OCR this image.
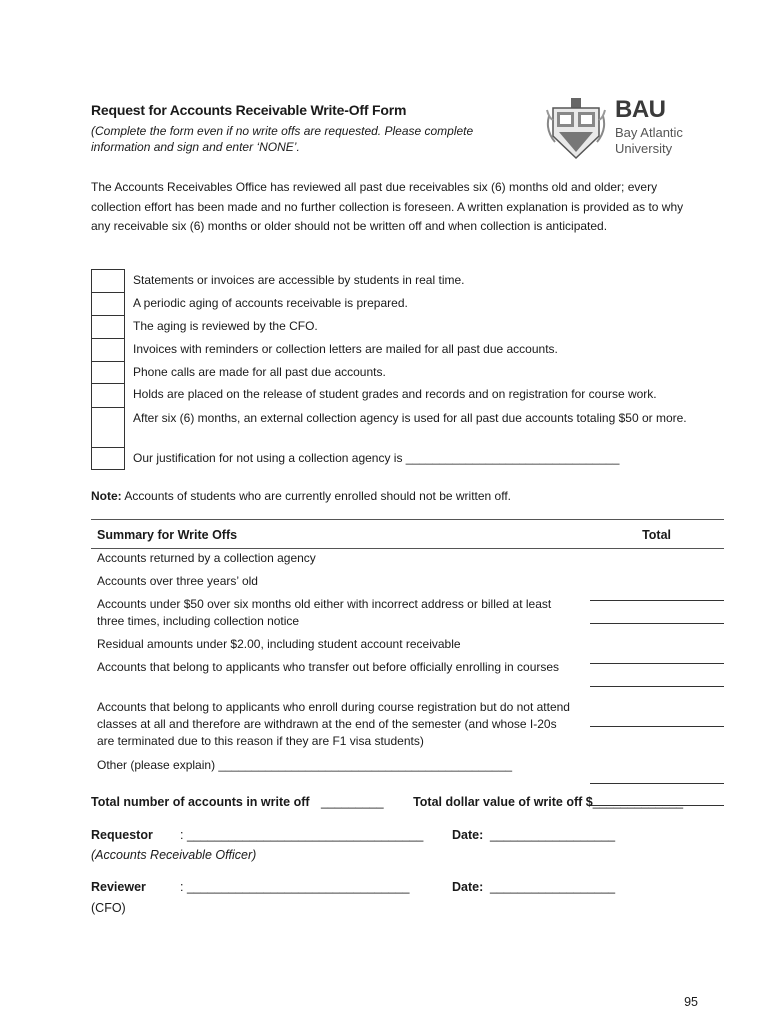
Request for Accounts Receivable Write-Off Form
(Complete the form even if no write offs are requested. Please complete information and sign and enter ‘NONE’.
BAU
Bay Atlantic
University
The Accounts Receivables Office has reviewed all past due receivables six (6) months old and older; every collection effort has been made and no further collection is foreseen. A written explanation is provided as to why any receivable six (6) months or older should not be written off and when collection is anticipated.
Statements or invoices are accessible by students in real time.
A periodic aging of accounts receivable is prepared.
The aging is reviewed by the CFO.
Invoices with reminders or collection letters are mailed for all past due accounts.
Phone calls are made for all past due accounts.
Holds are placed on the release of student grades and records and on registration for course work.
After six (6) months, an external collection agency is used for all past due accounts totaling $50 or more.
Our justification for not using a collection agency is ________________________________
Note: Accounts of students who are currently enrolled should not be written off.
Summary for Write Offs	Total
Accounts returned by a collection agency
Accounts over three years’ old
Accounts under $50 over six months old either with incorrect address or billed at least three times, including collection notice
Residual amounts under $2.00, including student account receivable
Accounts that belong to applicants who transfer out before officially enrolling in courses
Accounts that belong to applicants who enroll during course registration but do not attend classes at all and therefore are withdrawn at the end of the semester (and whose I-20s are terminated due to this reason if they are F1 visa students)
Other (please explain) ____________________________________________
Total number of accounts in write off _________ Total dollar value of write off $_____________
Requestor : __________________________________
(Accounts Receivable Officer)
Date: __________________
Reviewer	: ________________________________
(CFO)
Date: __________________
95
